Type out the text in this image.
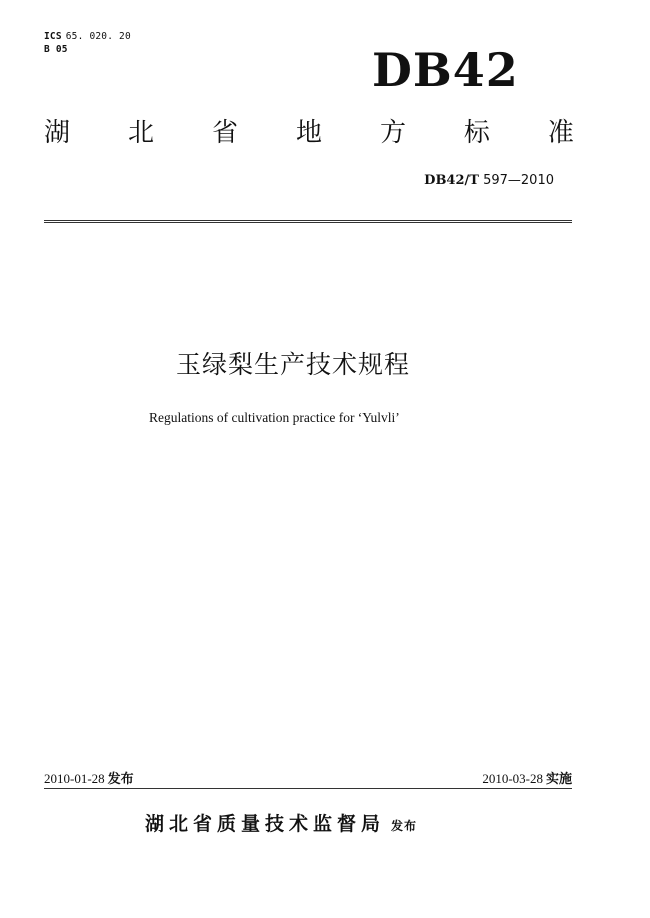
ICS 65. 020. 20
B 05	DB42
湖 北 省 地 方 标 准
DB42/T 597—2010
玉绿梨生产技术规程
Regulations of cultivation practice for ‘Yulvli’
2010-01-28 发布	2010-03-28 实施
湖北省质量技术监督局 发布
